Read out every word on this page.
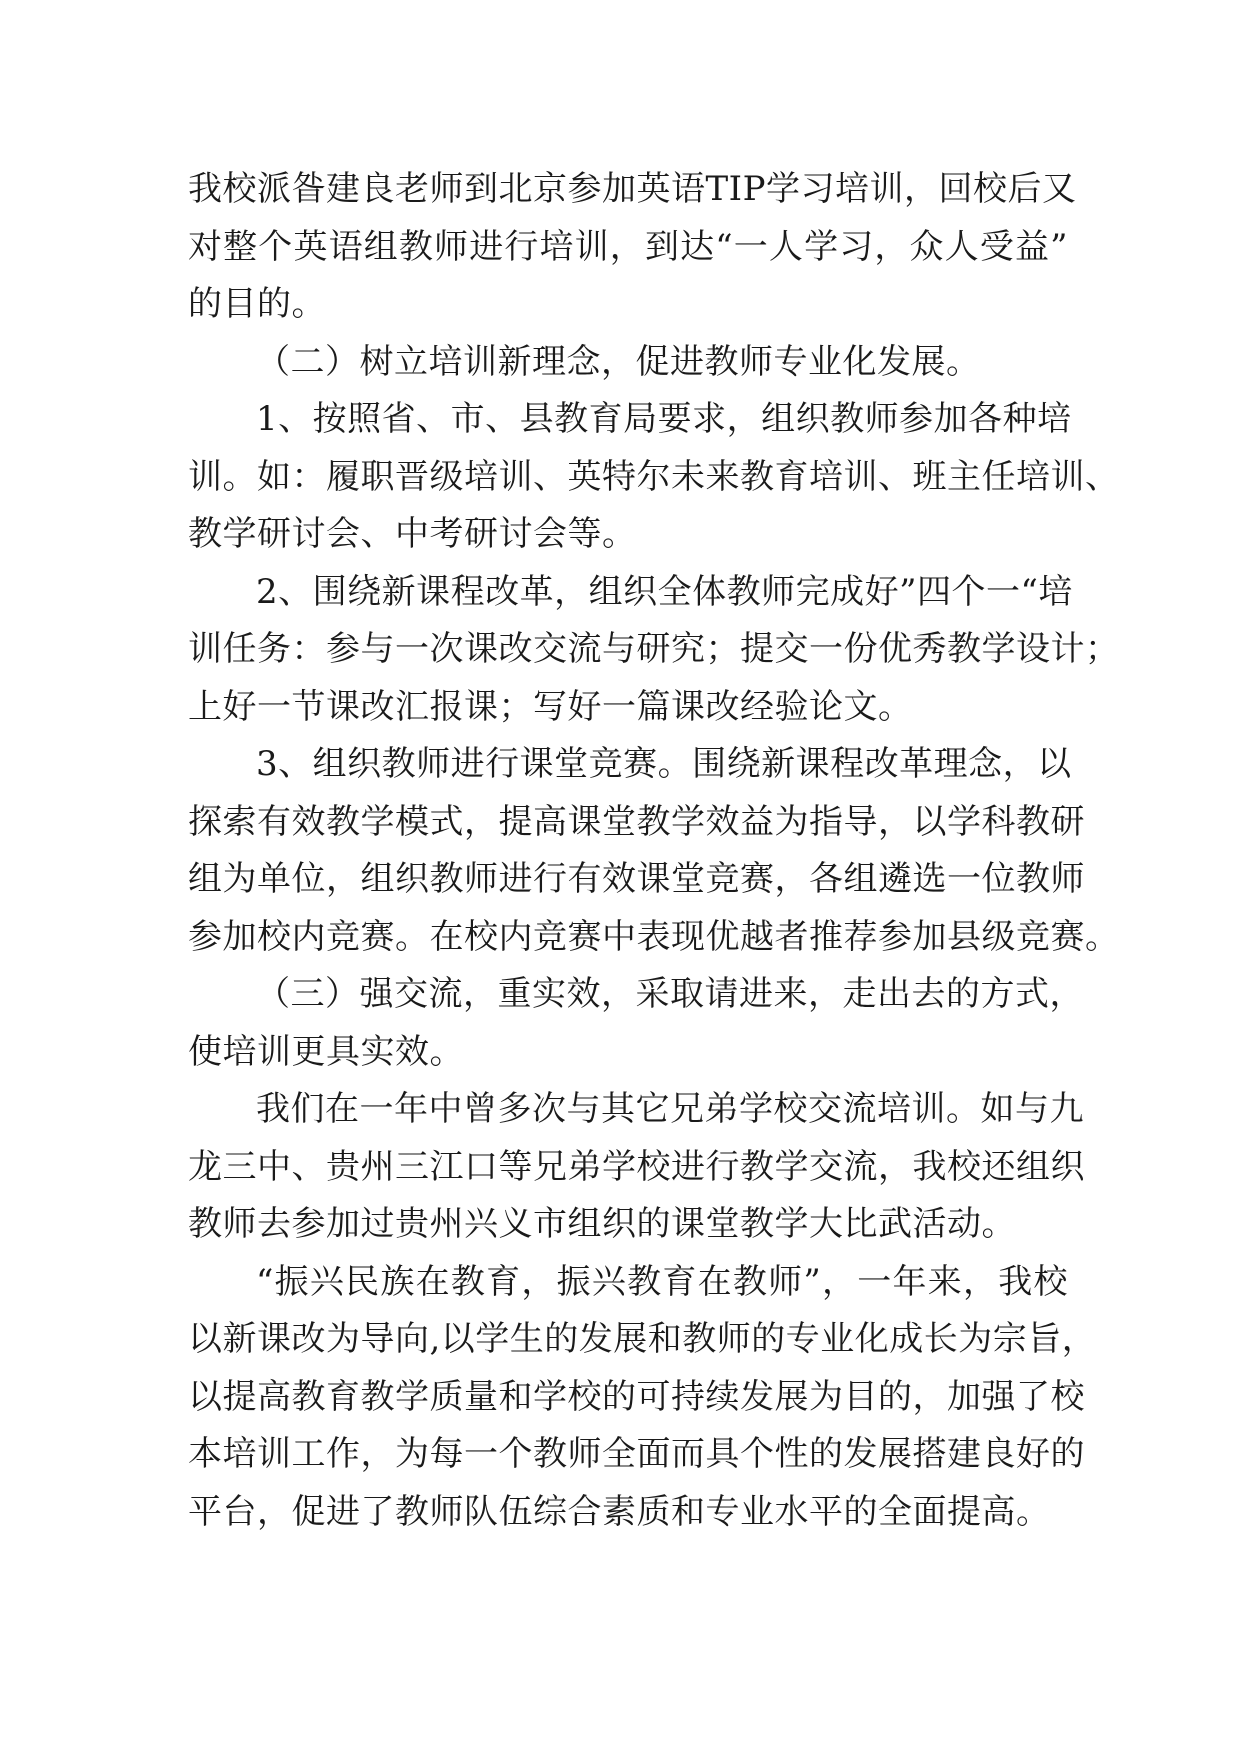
我校派昝建良老师到北京参加英语TIP学习培训，回校后又
对整个英语组教师进行培训，到达“一人学习，众人受益”
的目的。
（二）树立培训新理念，促进教师专业化发展。
1、按照省、市、县教育局要求，组织教师参加各种培
训。如：履职晋级培训、英特尔未来教育培训、班主任培训、
教学研讨会、中考研讨会等。
2、围绕新课程改革，组织全体教师完成好”四个一“培
训任务：参与一次课改交流与研究；提交一份优秀教学设计；
上好一节课改汇报课；写好一篇课改经验论文。
3、组织教师进行课堂竞赛。围绕新课程改革理念，以
探索有效教学模式，提高课堂教学效益为指导，以学科教研
组为单位，组织教师进行有效课堂竞赛，各组遴选一位教师
参加校内竞赛。在校内竞赛中表现优越者推荐参加县级竞赛。
（三）强交流，重实效，采取请进来，走出去的方式，
使培训更具实效。
我们在一年中曾多次与其它兄弟学校交流培训。如与九
龙三中、贵州三江口等兄弟学校进行教学交流，我校还组织
教师去参加过贵州兴义市组织的课堂教学大比武活动。
“振兴民族在教育，振兴教育在教师”，一年来，我校
以新课改为导向,以学生的发展和教师的专业化成长为宗旨，
以提高教育教学质量和学校的可持续发展为目的，加强了校
本培训工作，为每一个教师全面而具个性的发展搭建良好的
平台，促进了教师队伍综合素质和专业水平的全面提高。
